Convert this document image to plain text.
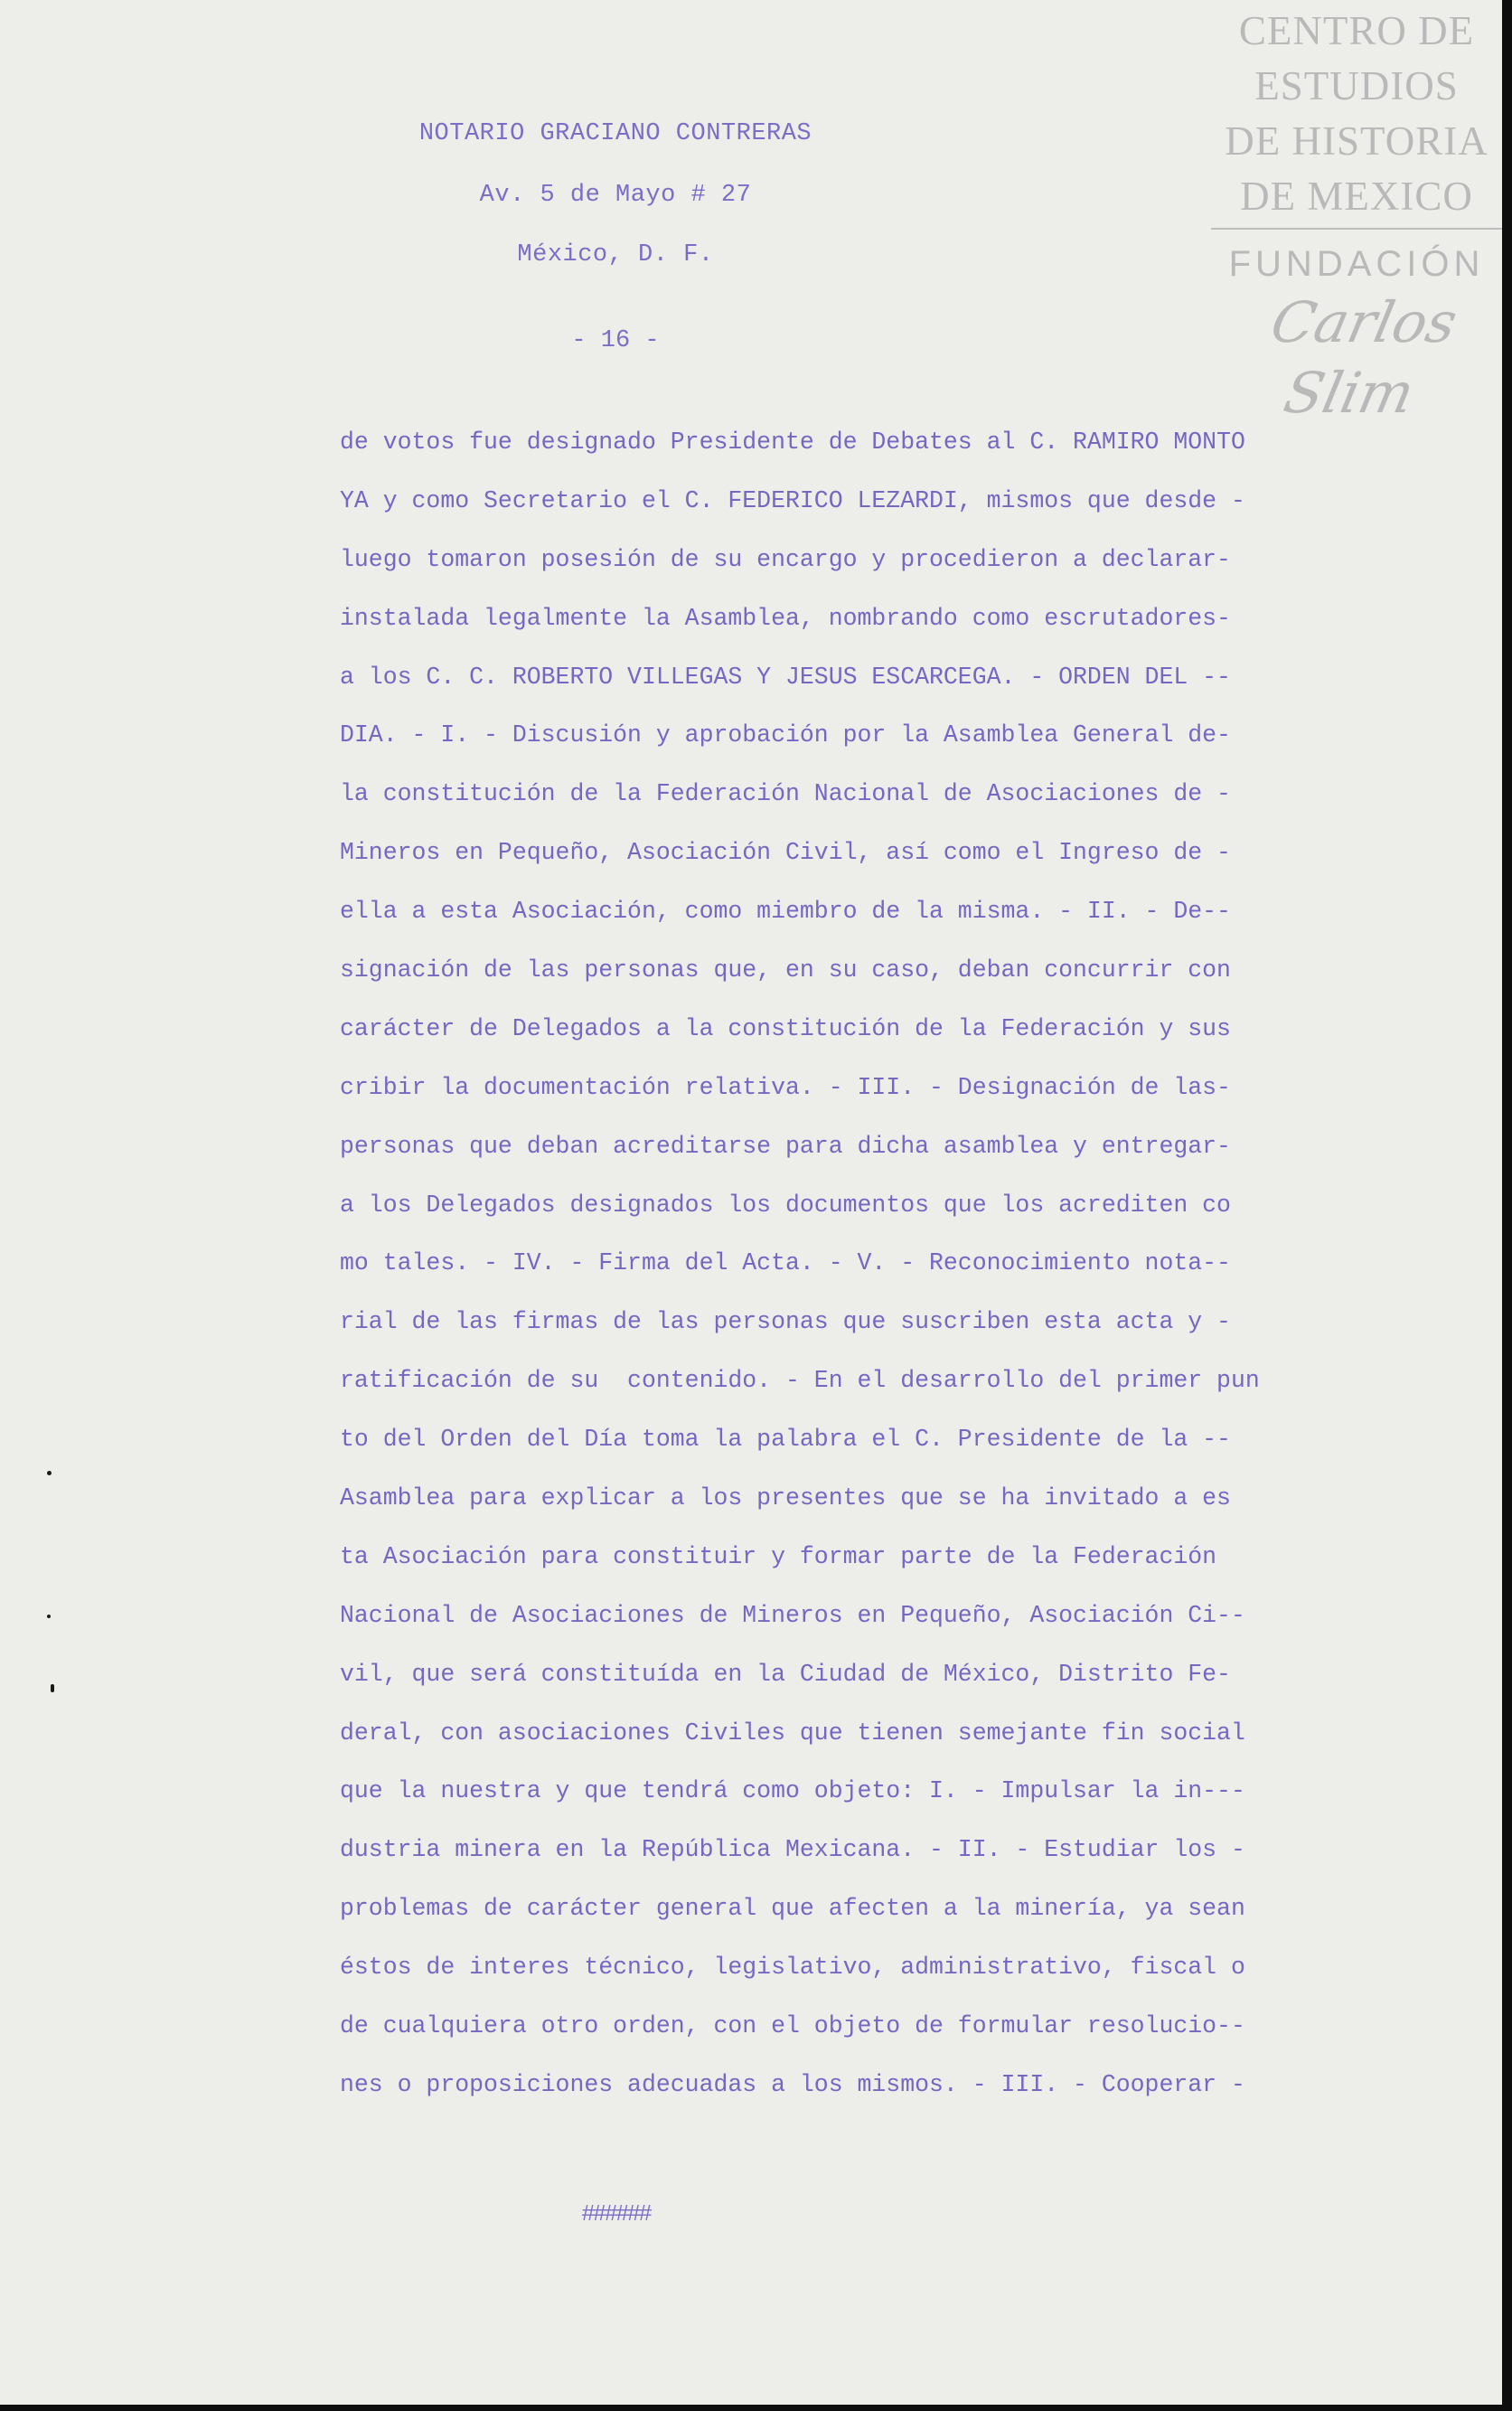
NOTARIO GRACIANO CONTRERAS
Av. 5 de Mayo # 27
México, D. F.
- 16 -
de votos fue designado Presidente de Debates al C. RAMIRO MONTO
YA y como Secretario el C. FEDERICO LEZARDI, mismos que desde -
luego tomaron posesión de su encargo y procedieron a declarar-
instalada legalmente la Asamblea, nombrando como escrutadores-
a los C. C. ROBERTO VILLEGAS Y JESUS ESCARCEGA. - ORDEN DEL --
DIA. - I. - Discusión y aprobación por la Asamblea General de-
la constitución de la Federación Nacional de Asociaciones de -
Mineros en Pequeño, Asociación Civil, así como el Ingreso de -
ella a esta Asociación, como miembro de la misma. - II. - De--
signación de las personas que, en su caso, deban concurrir con
carácter de Delegados a la constitución de la Federación y sus
cribir la documentación relativa. - III. - Designación de las-
personas que deban acreditarse para dicha asamblea y entregar-
a los Delegados designados los documentos que los acrediten co
mo tales. - IV. - Firma del Acta. - V. - Reconocimiento nota--
rial de las firmas de las personas que suscriben esta acta y -
ratificación de su  contenido. - En el desarrollo del primer pun
to del Orden del Día toma la palabra el C. Presidente de la --
Asamblea para explicar a los presentes que se ha invitado a es
ta Asociación para constituir y formar parte de la Federación
Nacional de Asociaciones de Mineros en Pequeño, Asociación Ci--
vil, que será constituída en la Ciudad de México, Distrito Fe-
deral, con asociaciones Civiles que tienen semejante fin social
que la nuestra y que tendrá como objeto: I. - Impulsar la in---
dustria minera en la República Mexicana. - II. - Estudiar los -
problemas de carácter general que afecten a la minería, ya sean
éstos de interes técnico, legislativo, administrativo, fiscal o
de cualquiera otro orden, con el objeto de formular resolucio--
nes o proposiciones adecuadas a los mismos. - III. - Cooperar -
######
CENTRO DE
ESTUDIOS
DE HISTORIA
DE MEXICO
FUNDACIÓN
Carlos Slim
